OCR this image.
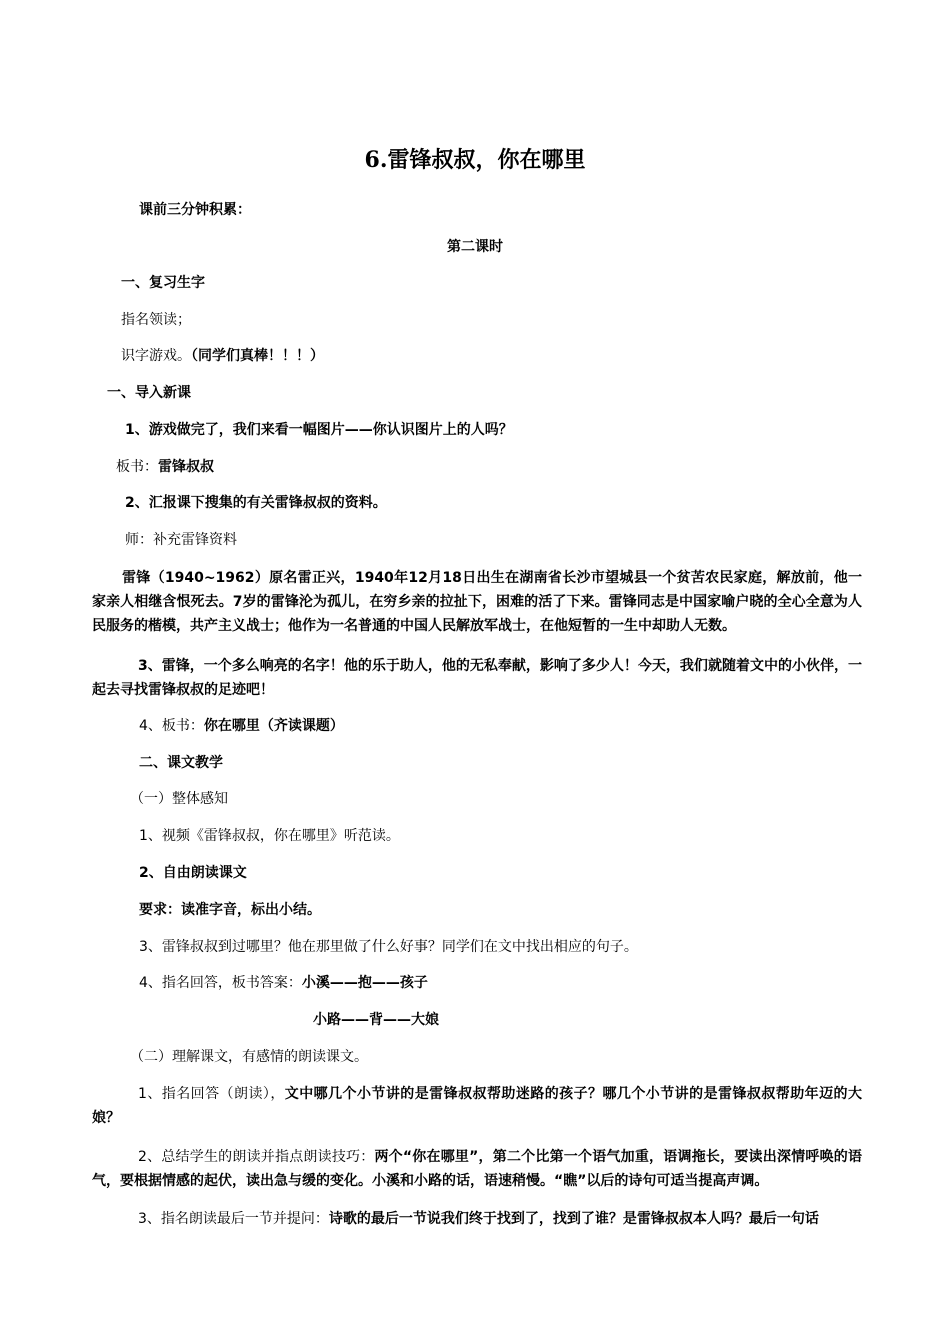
6.雷锋叔叔，你在哪里
课前三分钟积累：
第二课时
一、复习生字
指名领读；
识字游戏。（同学们真棒！！！）
一、导入新课
1、游戏做完了，我们来看一幅图片——你认识图片上的人吗？
板书：雷锋叔叔
2、汇报课下搜集的有关雷锋叔叔的资料。
师：补充雷锋资料
雷锋（1940~1962）原名雷正兴，1940年12月18日出生在湖南省长沙市望城县一个贫苦农民家庭，解放前，他一家亲人相继含恨死去。7岁的雷锋沦为孤儿，在穷乡亲的拉扯下，困难的活了下来。雷锋同志是中国家喻户晓的全心全意为人民服务的楷模，共产主义战士；他作为一名普通的中国人民解放军战士，在他短暂的一生中却助人无数。
3、雷锋，一个多么响亮的名字！他的乐于助人，他的无私奉献，影响了多少人！今天，我们就随着文中的小伙伴，一起去寻找雷锋叔叔的足迹吧！
4、板书：你在哪里（齐读课题）
二、课文教学
（一）整体感知
1、视频《雷锋叔叔，你在哪里》听范读。
2、自由朗读课文
要求：读准字音，标出小结。
3、雷锋叔叔到过哪里？他在那里做了什么好事？同学们在文中找出相应的句子。
4、指名回答，板书答案：小溪——抱——孩子
小路——背——大娘
（二）理解课文，有感情的朗读课文。
1、指名回答（朗读），文中哪几个小节讲的是雷锋叔叔帮助迷路的孩子？哪几个小节讲的是雷锋叔叔帮助年迈的大娘？
2、总结学生的朗读并指点朗读技巧：两个“你在哪里”，第二个比第一个语气加重，语调拖长，要读出深情呼唤的语气，要根据情感的起伏，读出急与缓的变化。小溪和小路的话，语速稍慢。“瞧”以后的诗句可适当提高声调。
3、指名朗读最后一节并提问：诗歌的最后一节说我们终于找到了，找到了谁？是雷锋叔叔本人吗？最后一句话
